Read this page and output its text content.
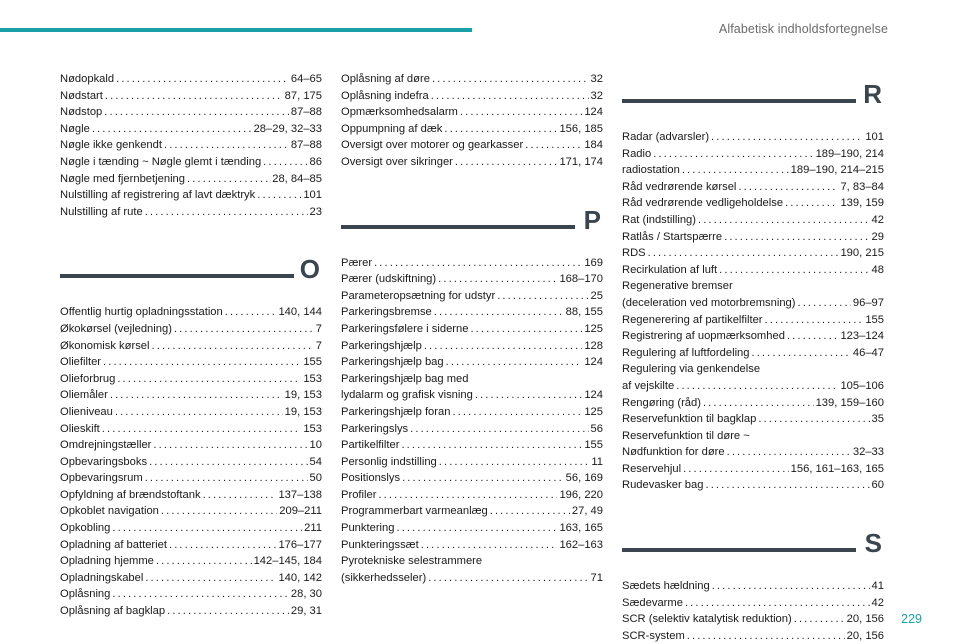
Alfabetisk indholdsfortegnelse
Nødopkald . . .	64–65
Nødstart . . .	87, 175
Nødstop . . .	87–88
Nøgle . . .	28–29, 32–33
Nøgle ikke genkendt . . .	87–88
Nøgle i tænding ~ Nøgle glemt i tænding . . .	86
Nøgle med fjernbetjening . . .	28, 84–85
Nulstilling af registrering af lavt dæktryk . . .	101
Nulstilling af rute . . .	23
O
Offentlig hurtig opladningsstation . . .	140, 144
Økokørsel (vejledning) . . .	7
Økonomisk kørsel . . .	7
Oliefilter . . .	155
Olieforbrug . . .	153
Oliemåler . . .	19, 153
Olieniveau . . .	19, 153
Olieskift . . .	153
Omdrejningstæller . . .	10
Opbevaringsboks . . .	54
Opbevaringsrum . . .	50
Opfyldning af brændstoftank . . .	137–138
Opkoblet navigation . . .	209–211
Opkobling . . .	211
Opladning af batteriet . . .	176–177
Opladning hjemme . . .	142–145, 184
Opladningskabel . . .	140, 142
Oplåsning . . .	28, 30
Oplåsning af bagklap . . .	29, 31
Oplåsning af døre . . .	32
Oplåsning indefra . . .	32
Opmærksomhedsalarm . . .	124
Oppumpning af dæk . . .	156, 185
Oversigt over motorer og gearkasser . . .	184
Oversigt over sikringer . . .	171, 174
P
Pærer . . .	169
Pærer (udskiftning) . . .	168–170
Parameteropsætning for udstyr . . .	25
Parkeringsbremse . . .	88, 155
Parkeringsfølere i siderne . . .	125
Parkeringshjælp . . .	128
Parkeringshjælp bag . . .	124
Parkeringshjælp bag med
lydalarm og grafisk visning . . .	124
Parkeringshjælp foran . . .	125
Parkeringslys . . .	56
Partikelfilter . . .	155
Personlig indstilling . . .	11
Positionslys . . .	56, 169
Profiler . . .	196, 220
Programmerbart varmeanlæg . . .	27, 49
Punktering . . .	163, 165
Punkteringssæt . . .	162–163
Pyrotekniske selestrammere
(sikkerhedsseler) . . .	71
R
Radar (advarsler) . . .	101
Radio . . .	189–190, 214
radiostation . . .	189–190, 214–215
Råd vedrørende kørsel . . .	7, 83–84
Råd vedrørende vedligeholdelse . . .	139, 159
Rat (indstilling) . . .	42
Ratlås / Startspærre . . .	29
RDS . . .	190, 215
Recirkulation af luft . . .	48
Regenerative bremser
(deceleration ved motorbremsning) . . .	96–97
Regenerering af partikelfilter . . .	155
Registrering af uopmærksomhed . . .	123–124
Regulering af luftfordeling . . .	46–47
Regulering via genkendelse
af vejskilte . . .	105–106
Rengøring (råd) . . .	139, 159–160
Reservefunktion til bagklap . . .	35
Reservefunktion til døre ~
Nødfunktion for døre . . .	32–33
Reservehjul . . .	156, 161–163, 165
Rudevasker bag . . .	60
S
Sædets hældning . . .	41
Sædevarme . . .	42
SCR (selektiv katalytisk reduktion) . . .	20, 156
SCR-system . . .	20, 156
229
